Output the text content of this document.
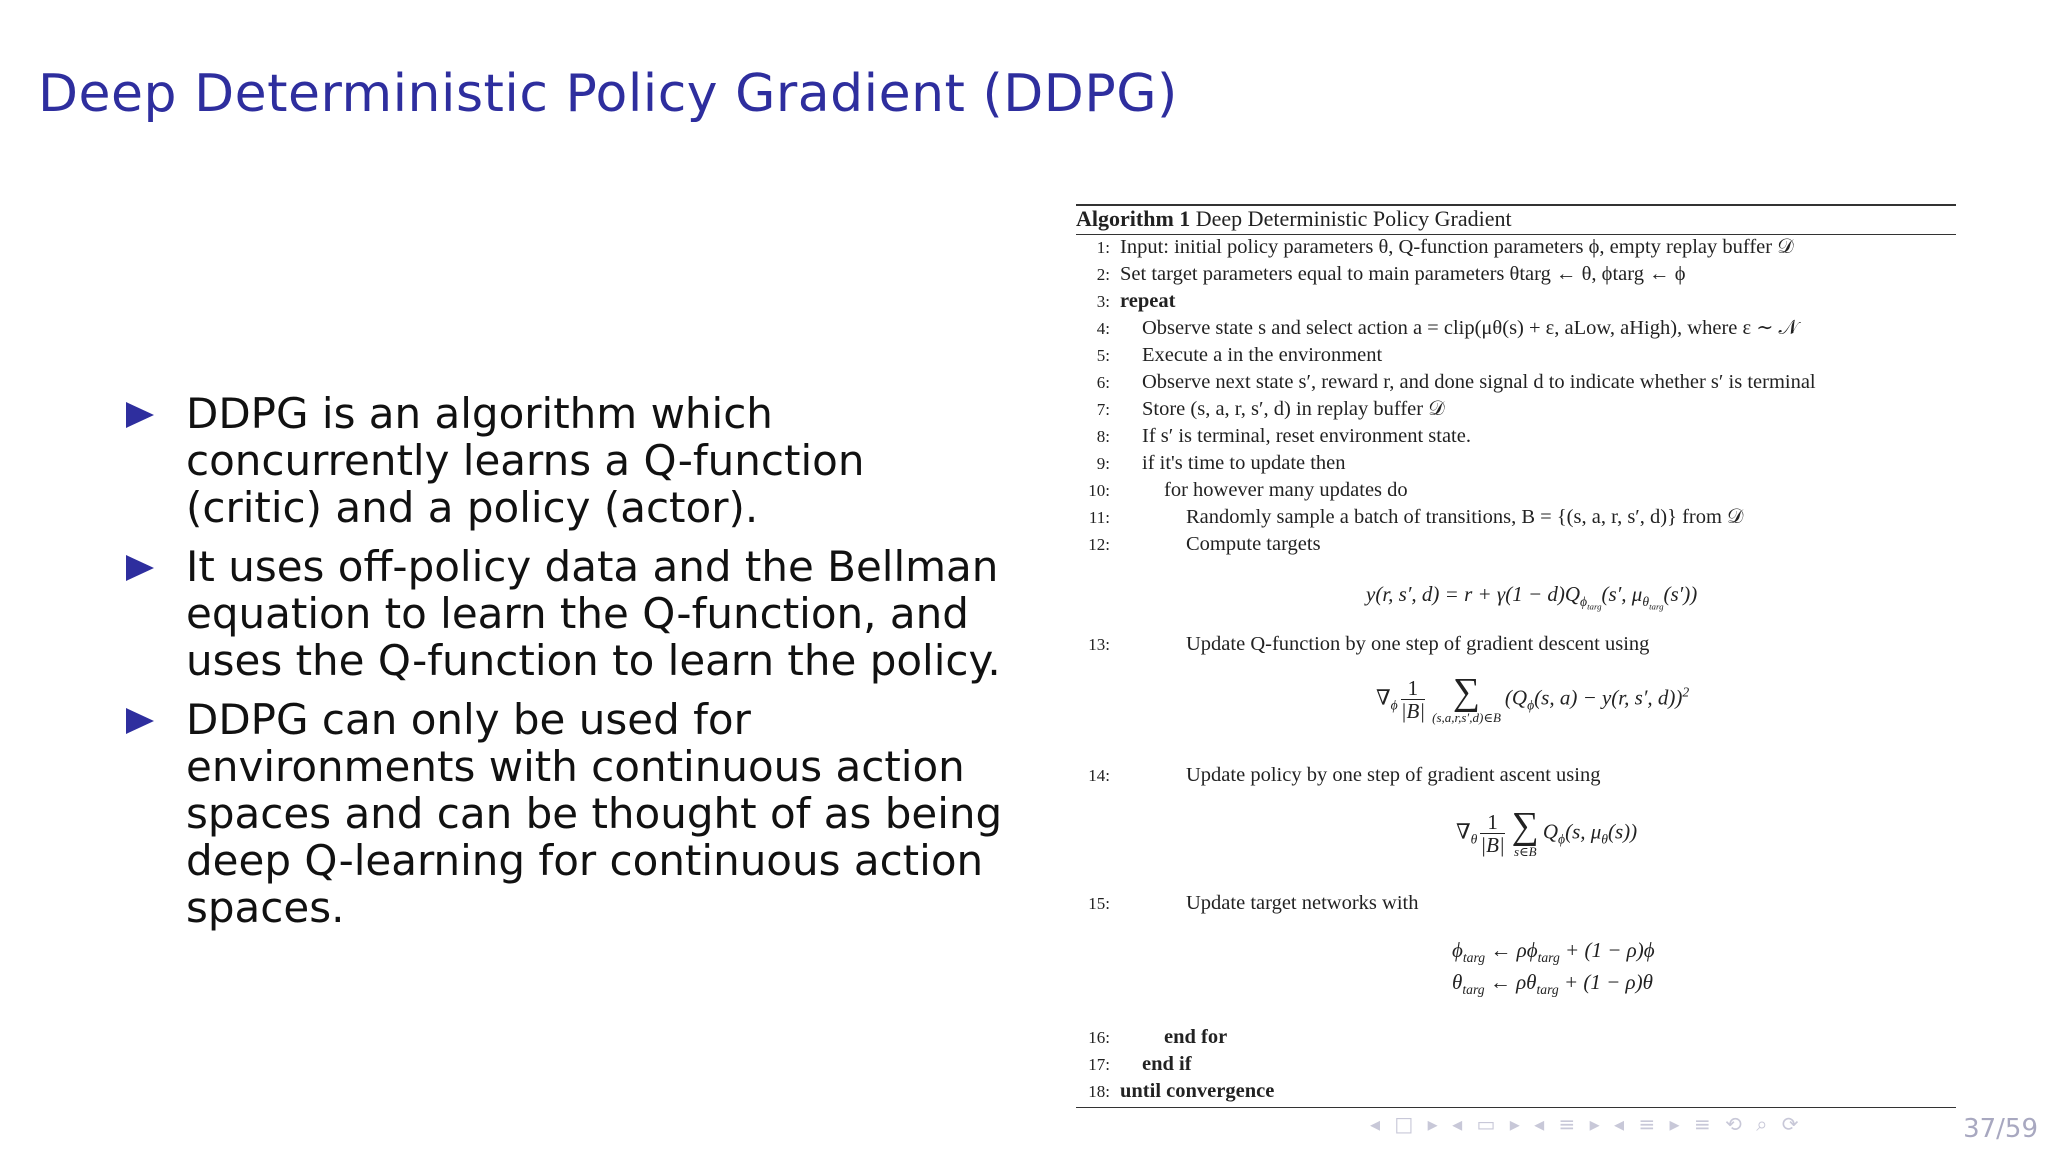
Deep Deterministic Policy Gradient (DDPG)
DDPG is an algorithm which concurrently learns a Q-function (critic) and a policy (actor).
It uses off-policy data and the Bellman equation to learn the Q-function, and uses the Q-function to learn the policy.
DDPG can only be used for environments with continuous action spaces and can be thought of as being deep Q-learning for continuous action spaces.
Algorithm 1 Deep Deterministic Policy Gradient
1: Input: initial policy parameters θ, Q-function parameters ϕ, empty replay buffer 𝒟
2: Set target parameters equal to main parameters θtarg ← θ, ϕtarg ← ϕ
3: repeat
4: Observe state s and select action a = clip(μθ(s) + ε, aLow, aHigh), where ε ∼ 𝒩
5: Execute a in the environment
6: Observe next state s′, reward r, and done signal d to indicate whether s′ is terminal
7: Store (s, a, r, s′, d) in replay buffer 𝒟
8: If s′ is terminal, reset environment state.
9: if it's time to update then
10:	for however many updates do
11:	Randomly sample a batch of transitions, B = {(s, a, r, s′, d)} from 𝒟
12:	Compute targets
y(r, s′, $d) = r + \gamma(1 - d)Q_{\phi_{targ}}(s'$, $\mu_{\theta_{targ}}(s')$)
13:	Update Q-function by one step of gradient descent using
$\nabla_\phi \frac{1}{|B|}$ ∑
(s,a,r,s′,d)∈B
($Q_\phi(s$, a) − y(r, s′, d))$^2$
14:	Update policy by one step of gradient ascent using
$\nabla_\theta \frac{1}{|B|}$ ∑
s∈B
$Q_\phi(s$, $\mu_\theta(s)$)
15:	Update target networks with
$\phi_{targ}$ ← $\rho\phi_{targ} + (1 - \rho)\phi$
$\theta_{targ}$ ← $\rho\theta_{targ} + (1 - \rho)\theta$
16:	end for
17: end if
18: until convergence
◂ □ ▸ ◂ ▭ ▸ ◂ ≡ ▸ ◂ ≡ ▸ ≡ ⟲ ⌕ ⟳	37/59
